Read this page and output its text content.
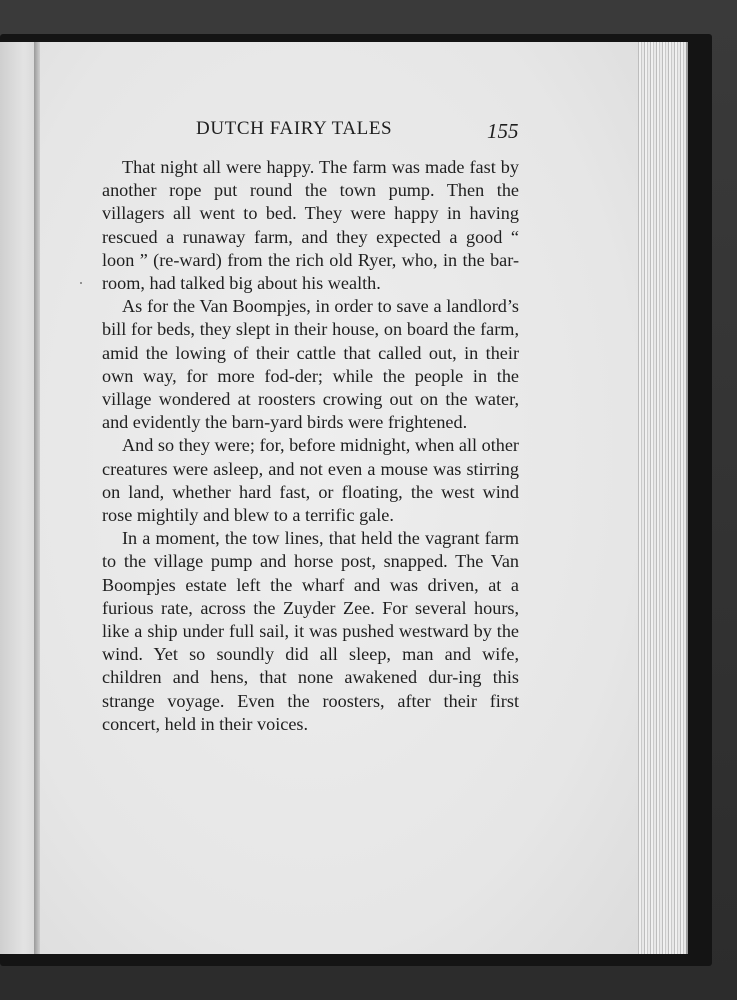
DUTCH FAIRY TALES	155

That night all were happy. The farm was made fast by another rope put round the town pump. Then the villagers all went to bed. They were happy in having rescued a runaway farm, and they expected a good “ loon ” (re-ward) from the rich old Ryer, who, in the bar-room, had talked big about his wealth.

As for the Van Boompjes, in order to save a landlord’s bill for beds, they slept in their house, on board the farm, amid the lowing of their cattle that called out, in their own way, for more fod-der; while the people in the village wondered at roosters crowing out on the water, and evidently the barn-yard birds were frightened.

And so they were; for, before midnight, when all other creatures were asleep, and not even a mouse was stirring on land, whether hard fast, or floating, the west wind rose mightily and blew to a terrific gale.

In a moment, the tow lines, that held the vagrant farm to the village pump and horse post, snapped. The Van Boompjes estate left the wharf and was driven, at a furious rate, across the Zuyder Zee. For several hours, like a ship under full sail, it was pushed westward by the wind. Yet so soundly did all sleep, man and wife, children and hens, that none awakened dur-ing this strange voyage. Even the roosters, after their first concert, held in their voices.
